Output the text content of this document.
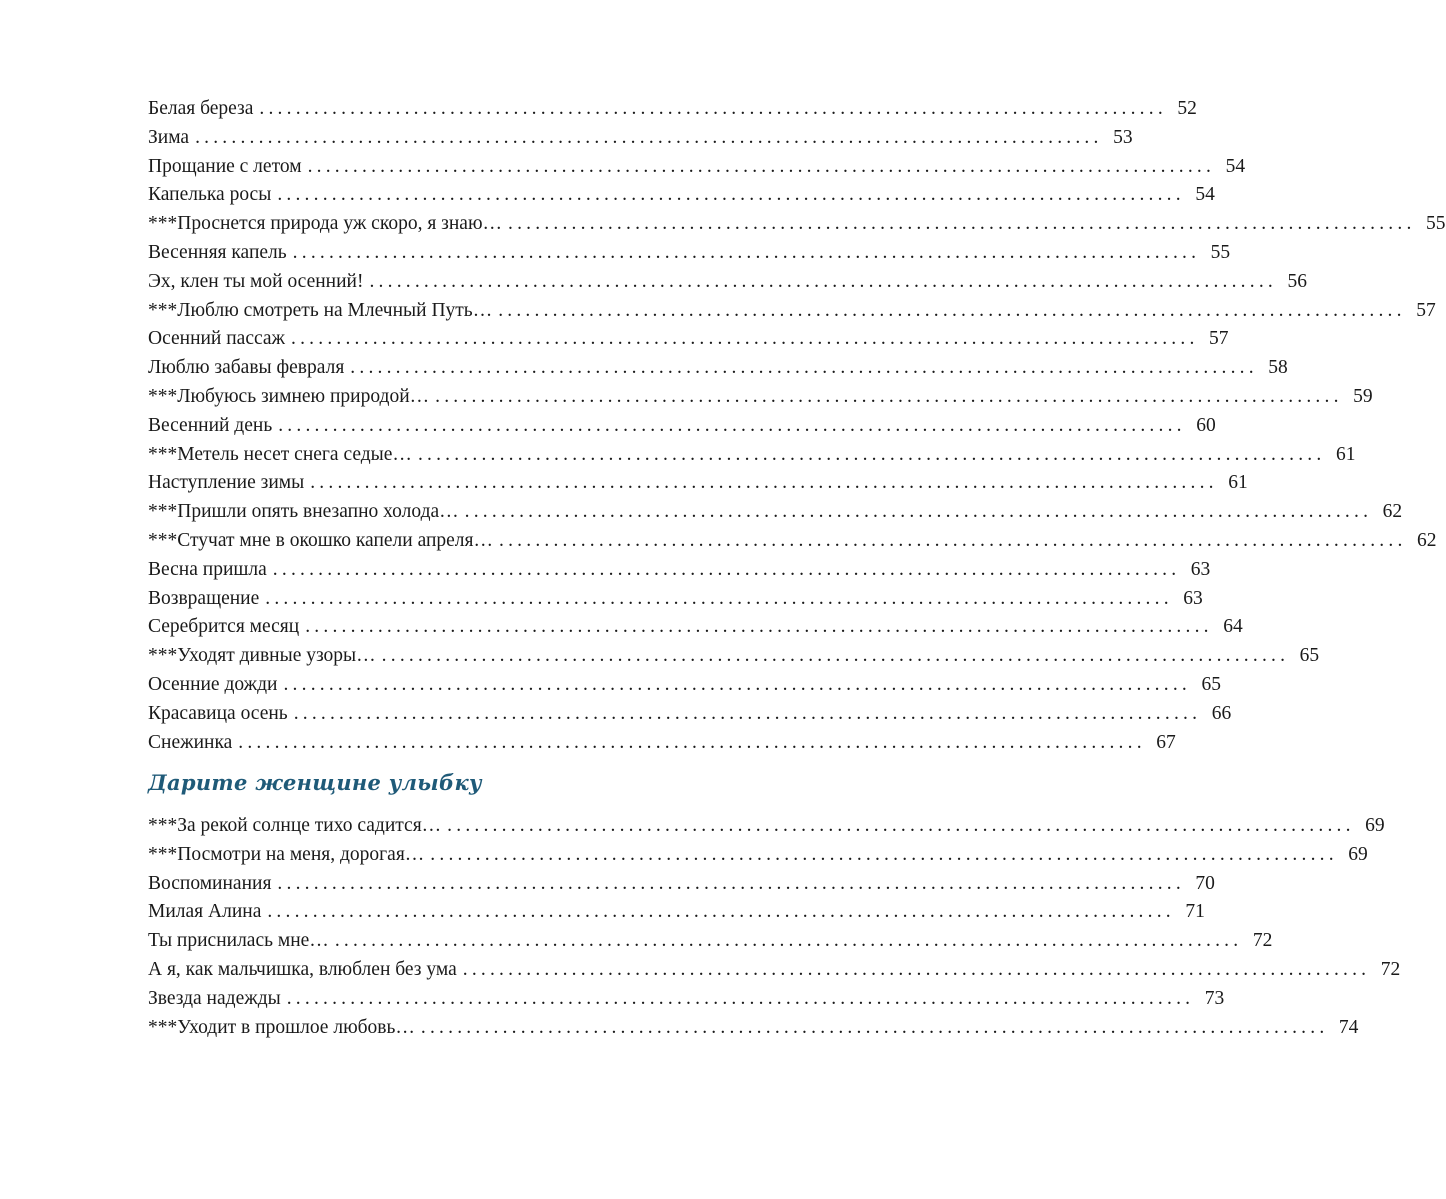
Белая береза .................................................................................................... 52
Зима .................................................................................................... 53
Прощание с летом .................................................................................................... 54
Капелька росы .................................................................................................... 54
***Проснется природа уж скоро, я знаю… .................................................................................................... 55
Весенняя капель .................................................................................................... 55
Эх, клен ты мой осенний! .................................................................................................... 56
***Люблю смотреть на Млечный Путь… .................................................................................................... 57
Осенний пассаж .................................................................................................... 57
Люблю забавы февраля .................................................................................................... 58
***Любуюсь зимнею природой… .................................................................................................... 59
Весенний день .................................................................................................... 60
***Метель несет снега седые… .................................................................................................... 61
Наступление зимы .................................................................................................... 61
***Пришли опять внезапно холода… .................................................................................................... 62
***Стучат мне в окошко капели апреля… .................................................................................................... 62
Весна пришла .................................................................................................... 63
Возвращение .................................................................................................... 63
Серебрится месяц .................................................................................................... 64
***Уходят дивные узоры… .................................................................................................... 65
Осенние дожди .................................................................................................... 65
Красавица осень .................................................................................................... 66
Снежинка .................................................................................................... 67
Дарите женщине улыбку
***За рекой солнце тихо садится… .................................................................................................... 69
***Посмотри на меня, дорогая… .................................................................................................... 69
Воспоминания .................................................................................................... 70
Милая Алина .................................................................................................... 71
Ты приснилась мне… .................................................................................................... 72
А я, как мальчишка, влюблен без ума .................................................................................................... 72
Звезда надежды .................................................................................................... 73
***Уходит в прошлое любовь… .................................................................................................... 74
